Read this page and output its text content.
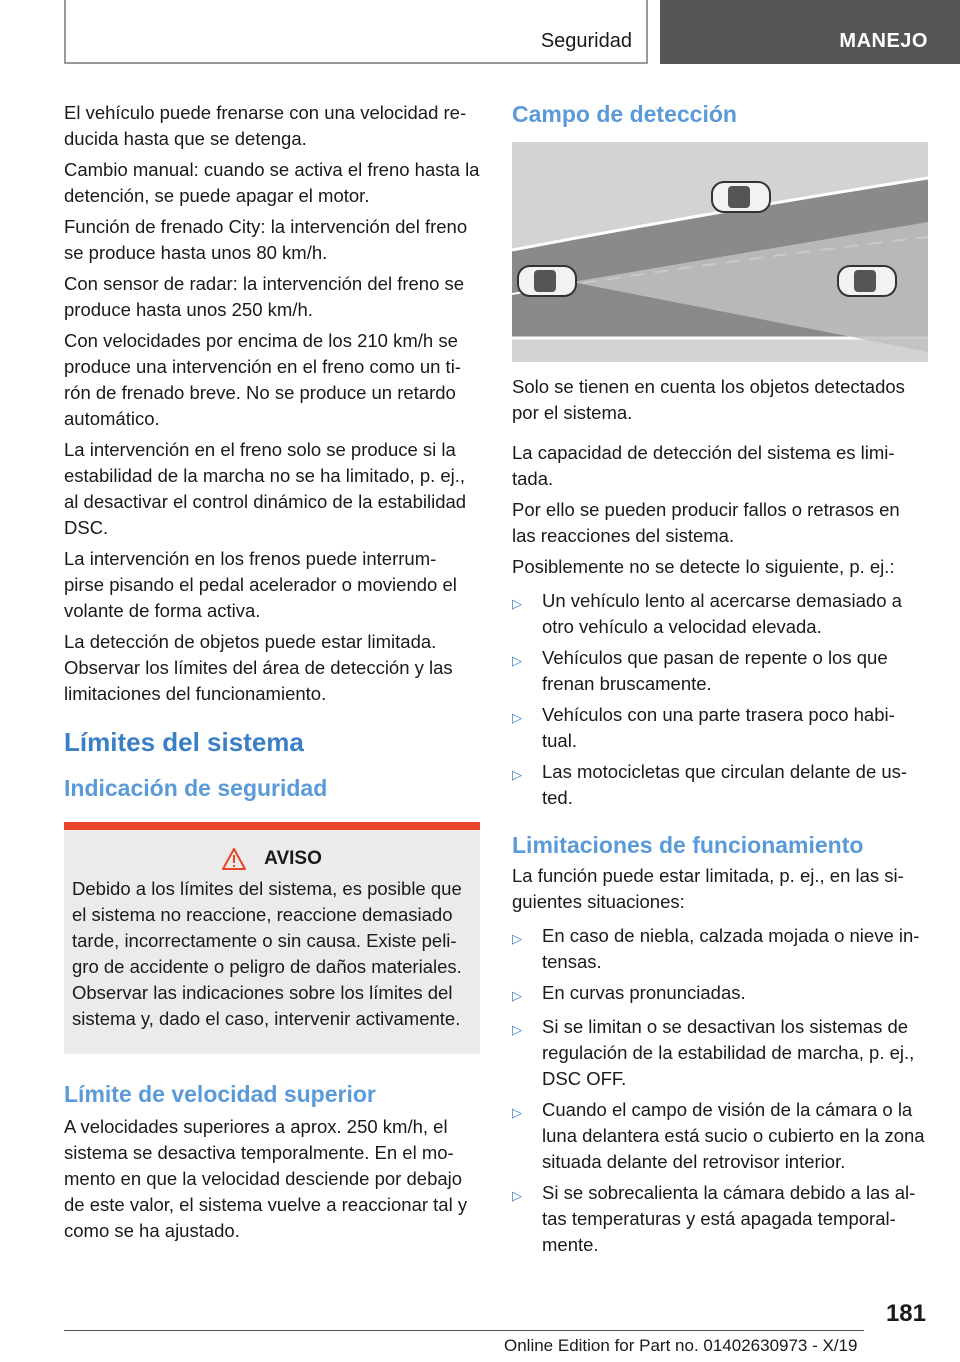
Seguridad	MANEJO

El vehículo puede frenarse con una velocidad re- ducida hasta que se detenga.

Cambio manual: cuando se activa el freno hasta la detención, se puede apagar el motor.

Función de frenado City: la intervención del freno se produce hasta unos 80 km/h.

Con sensor de radar: la intervención del freno se produce hasta unos 250 km/h.

Con velocidades por encima de los 210 km/h se produce una intervención en el freno como un ti- rón de frenado breve. No se produce un retardo automático.

La intervención en el freno solo se produce si la estabilidad de la marcha no se ha limitado, p. ej., al desactivar el control dinámico de la estabilidad DSC.

La intervención en los frenos puede interrum- pirse pisando el pedal acelerador o moviendo el volante de forma activa.

La detección de objetos puede estar limitada. Observar los límites del área de detección y las limitaciones del funcionamiento.

Límites del sistema
Indicación de seguridad
AVISO
Debido a los límites del sistema, es posible que el sistema no reaccione, reaccione demasiado tarde, incorrectamente o sin causa. Existe peli- gro de accidente o peligro de daños materiales. Observar las indicaciones sobre los límites del sistema y, dado el caso, intervenir activamente.
Límite de velocidad superior

A velocidades superiores a aprox. 250 km/h, el sistema se desactiva temporalmente. En el mo- mento en que la velocidad desciende por debajo de este valor, el sistema vuelve a reaccionar tal y como se ha ajustado.

Campo de detección

Solo se tienen en cuenta los objetos detectados por el sistema.

La capacidad de detección del sistema es limi- tada.

Por ello se pueden producir fallos o retrasos en las reacciones del sistema.

Posiblemente no se detecte lo siguiente, p. ej.:

▷	Un vehículo lento al acercarse demasiado a otro vehículo a velocidad elevada.
▷	Vehículos que pasan de repente o los que frenan bruscamente.
▷	Vehículos con una parte trasera poco habi- tual.
▷	Las motocicletas que circulan delante de us- ted.
Limitaciones de funcionamiento

La función puede estar limitada, p. ej., en las si- guientes situaciones:

▷	En caso de niebla, calzada mojada o nieve in- tensas.
▷	En curvas pronunciadas.
▷	Si se limitan o se desactivan los sistemas de regulación de la estabilidad de marcha, p. ej., DSC OFF.
▷	Cuando el campo de visión de la cámara o la luna delantera está sucio o cubierto en la zona situada delante del retrovisor interior.
▷	Si se sobrecalienta la cámara debido a las al- tas temperaturas y está apagada temporal- mente.
181
Online Edition for Part no. 01402630973 - X/19
